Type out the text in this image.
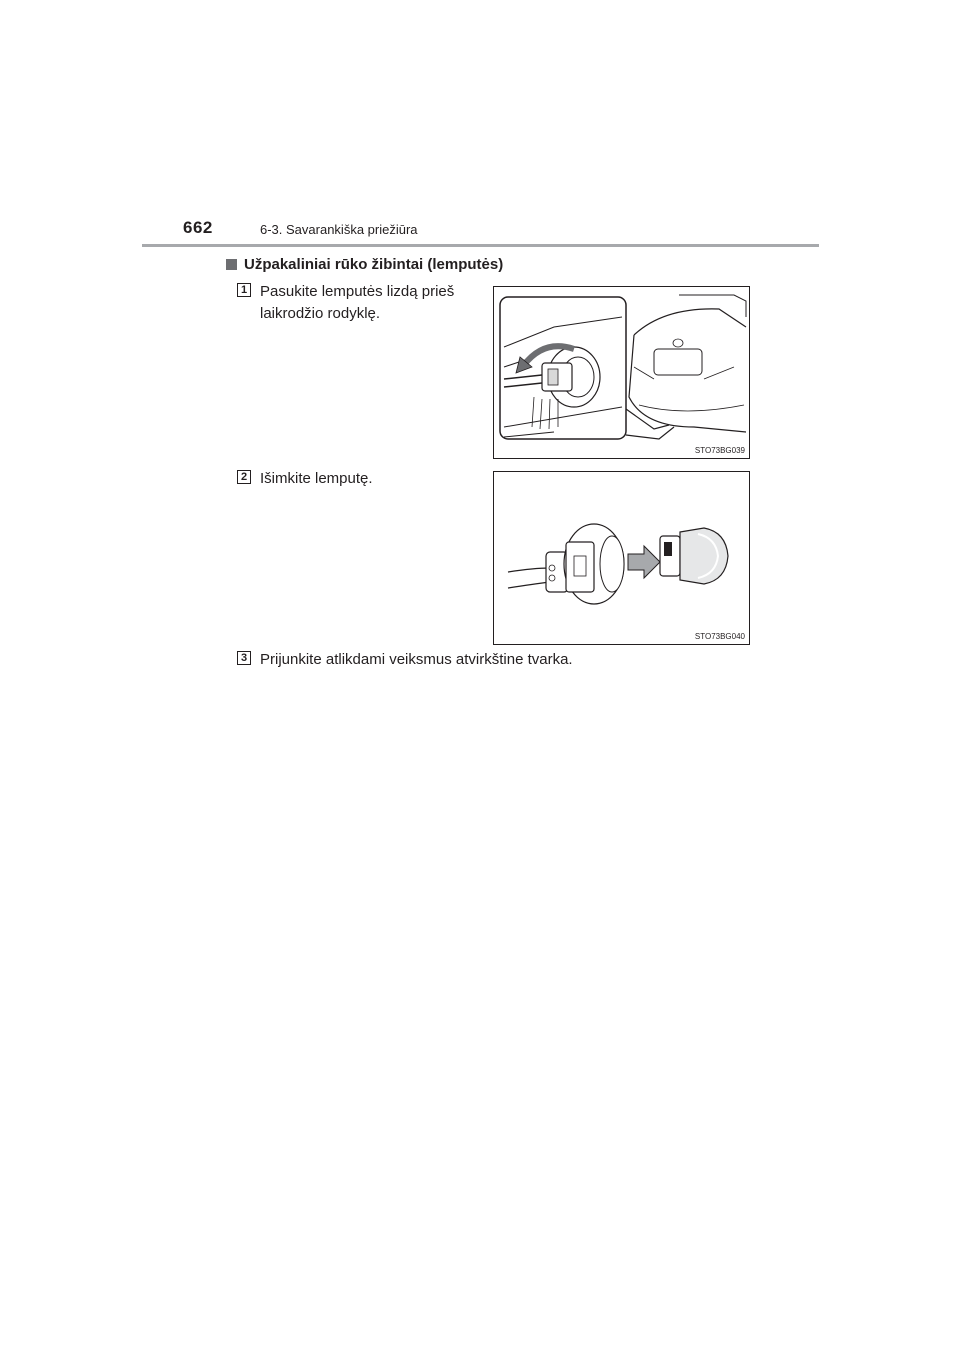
662	6-3. Savarankiška priežiūra
Užpakaliniai rūko žibintai (lemputės)
1 Pasukite lemputės lizdą prieš
laikrodžio rodyklę.
STO73BG039
2 Išimkite lemputę.
STO73BG040
3 Prijunkite atlikdami veiksmus atvirkštine tvarka.
